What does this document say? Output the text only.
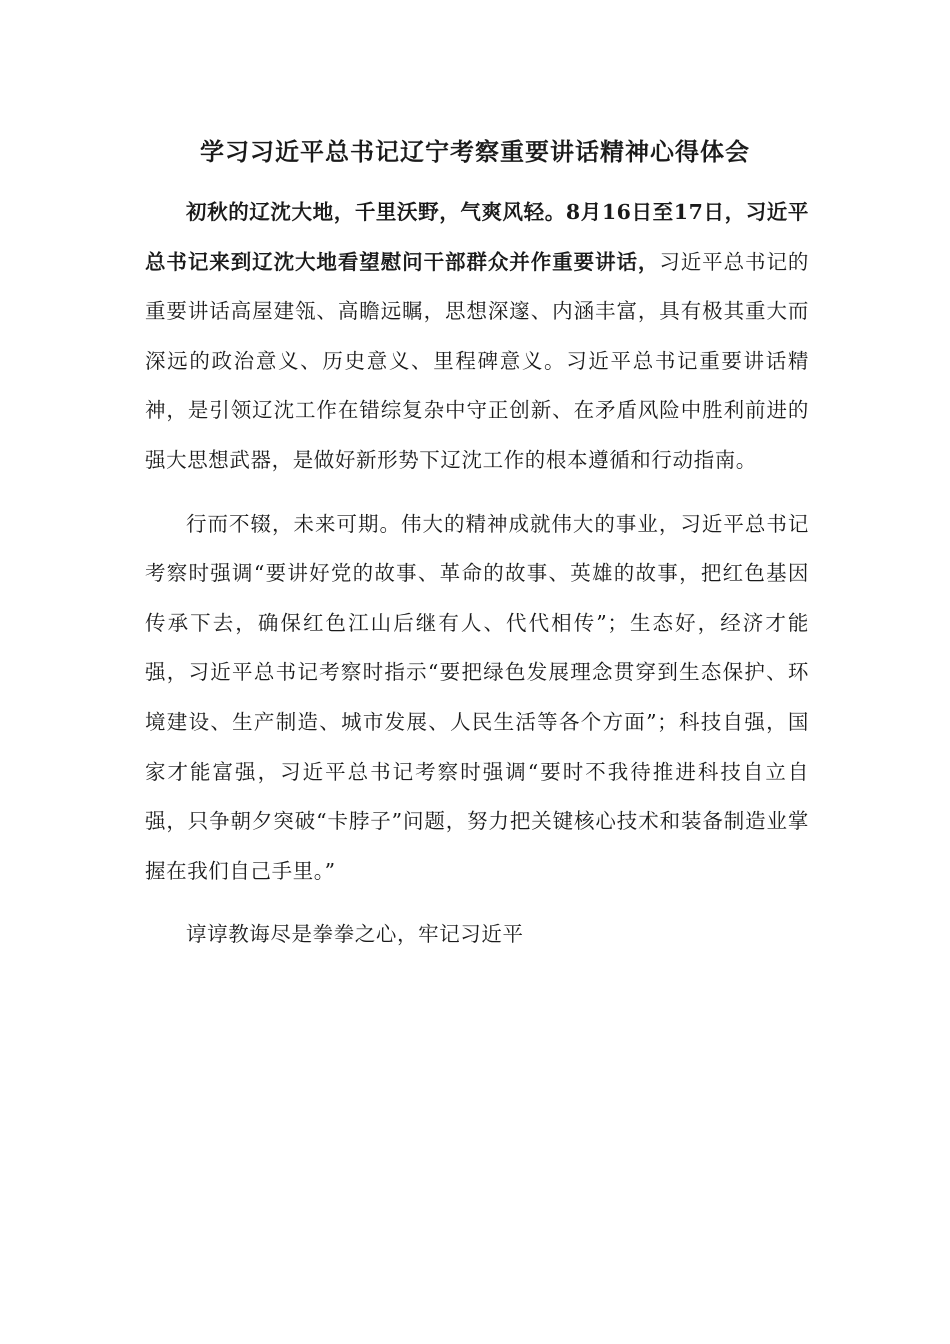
学习习近平总书记辽宁考察重要讲话精神心得体会

初秋的辽沈大地，千里沃野，气爽风轻。8月16日至17日，习近平总书记来到辽沈大地看望慰问干部群众并作重要讲话，习近平总书记的重要讲话高屋建瓴、高瞻远瞩，思想深邃、内涵丰富，具有极其重大而深远的政治意义、历史意义、里程碑意义。习近平总书记重要讲话精神，是引领辽沈工作在错综复杂中守正创新、在矛盾风险中胜利前进的强大思想武器，是做好新形势下辽沈工作的根本遵循和行动指南。

行而不辍，未来可期。伟大的精神成就伟大的事业，习近平总书记考察时强调“要讲好党的故事、革命的故事、英雄的故事，把红色基因传承下去，确保红色江山后继有人、代代相传”；生态好，经济才能强，习近平总书记考察时指示“要把绿色发展理念贯穿到生态保护、环境建设、生产制造、城市发展、人民生活等各个方面”；科技自强，国家才能富强，习近平总书记考察时强调“要时不我待推进科技自立自强，只争朝夕突破“卡脖子”问题，努力把关键核心技术和装备制造业掌握在我们自己手里。”

谆谆教诲尽是拳拳之心，牢记习近平
